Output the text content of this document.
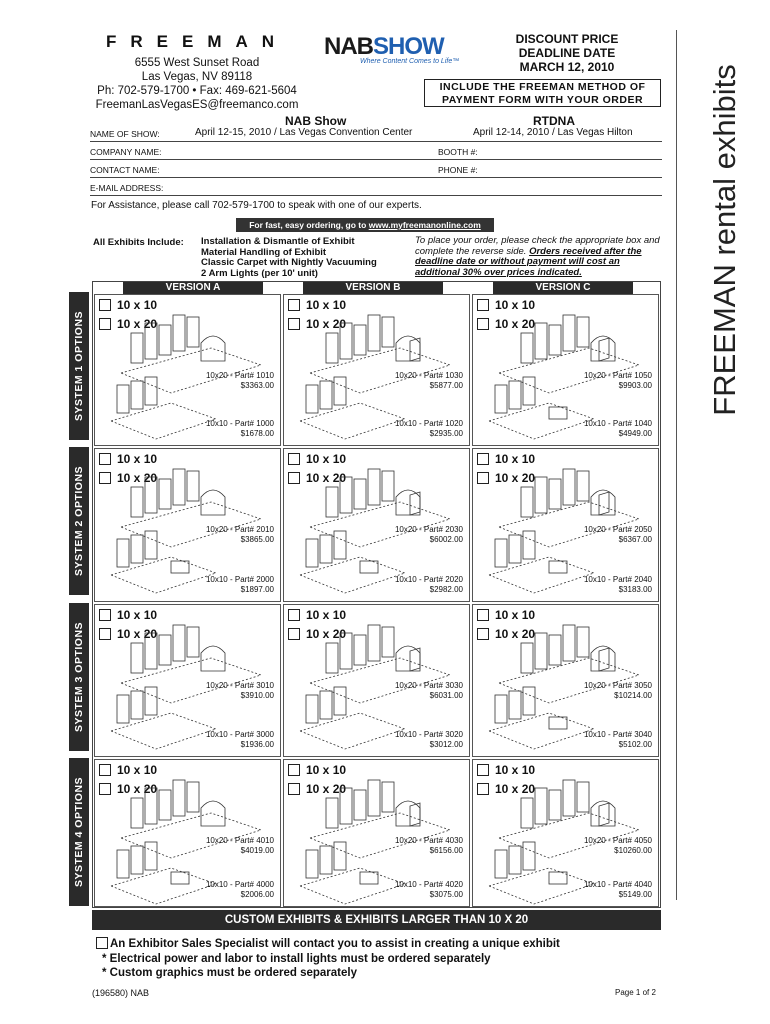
FREEMAN
6555 West Sunset Road
Las Vegas, NV 89118
Ph: 702-579-1700 • Fax: 469-621-5604
FreemanLasVegasES@freemanco.com
NABSHOW
Where Content Comes to Life™
DISCOUNT PRICE
DEADLINE DATE
MARCH 12, 2010
INCLUDE THE FREEMAN METHOD OF
PAYMENT FORM WITH YOUR ORDER	FREEMAN rental exhibits
NAB Show	RTDNA
NAME OF SHOW:	April 12-15, 2010 / Las Vegas Convention Center	April 12-14, 2010 / Las Vegas Hilton
COMPANY NAME:	BOOTH #:
CONTACT NAME:	PHONE #:
E-MAIL ADDRESS:
For Assistance, please call 702-579-1700 to speak with one of our experts.
For fast, easy ordering, go to www.myfreemanonline.com
All Exhibits Include: Installation & Dismantle of Exhibit
Material Handling of Exhibit
Classic Carpet with Nightly Vacuuming
2 Arm Lights (per 10' unit)
To place your order, please check the appropriate box and complete the reverse side. Orders received after the deadline date or without payment will cost an additional 30% over prices indicated.
VERSION A	VERSION B	VERSION C
10 x 10
10 x 20
10x20 - Part# 1010
$3363.00
10x10 - Part# 1000
$1678.00
10 x 10
10 x 20
10x20 - Part# 1030
$5877.00
10x10 - Part# 1020
$2935.00
10 x 10
10 x 20
10x20 - Part# 1050
$9903.00
10x10 - Part# 1040
$4949.00
10 x 10
10 x 20
10x20 - Part# 2010
$3865.00
10x10 - Part# 2000
$1897.00
10 x 10
10 x 20
10x20 - Part# 2030
$6002.00
10x10 - Part# 2020
$2982.00
10 x 10
10 x 20
10x20 - Part# 2050
$6367.00
10x10 - Part# 2040
$3183.00
10 x 10
10 x 20
10x20 - Part# 3010
$3910.00
10x10 - Part# 3000
$1936.00
10 x 10
10 x 20
10x20 - Part# 3030
$6031.00
10x10 - Part# 3020
$3012.00
10 x 10
10 x 20
10x20 - Part# 3050
$10214.00
10x10 - Part# 3040
$5102.00
10 x 10
10 x 20
10x20 - Part# 4010
$4019.00
10x10 - Part# 4000
$2006.00
10 x 10
10 x 20
10x20 - Part# 4030
$6156.00
10x10 - Part# 4020
$3075.00
10 x 10
10 x 20
10x20 - Part# 4050
$10260.00
10x10 - Part# 4040
$5149.00
SYSTEM 1 OPTIONS
SYSTEM 2 OPTIONS
SYSTEM 3 OPTIONS
SYSTEM 4 OPTIONS
CUSTOM EXHIBITS & EXHIBITS LARGER THAN 10 X 20
An Exhibitor Sales Specialist will contact you to assist in creating a unique exhibit
* Electrical power and labor to install lights must be ordered separately
* Custom graphics must be ordered separately
(196580) NAB	Page 1 of 2
